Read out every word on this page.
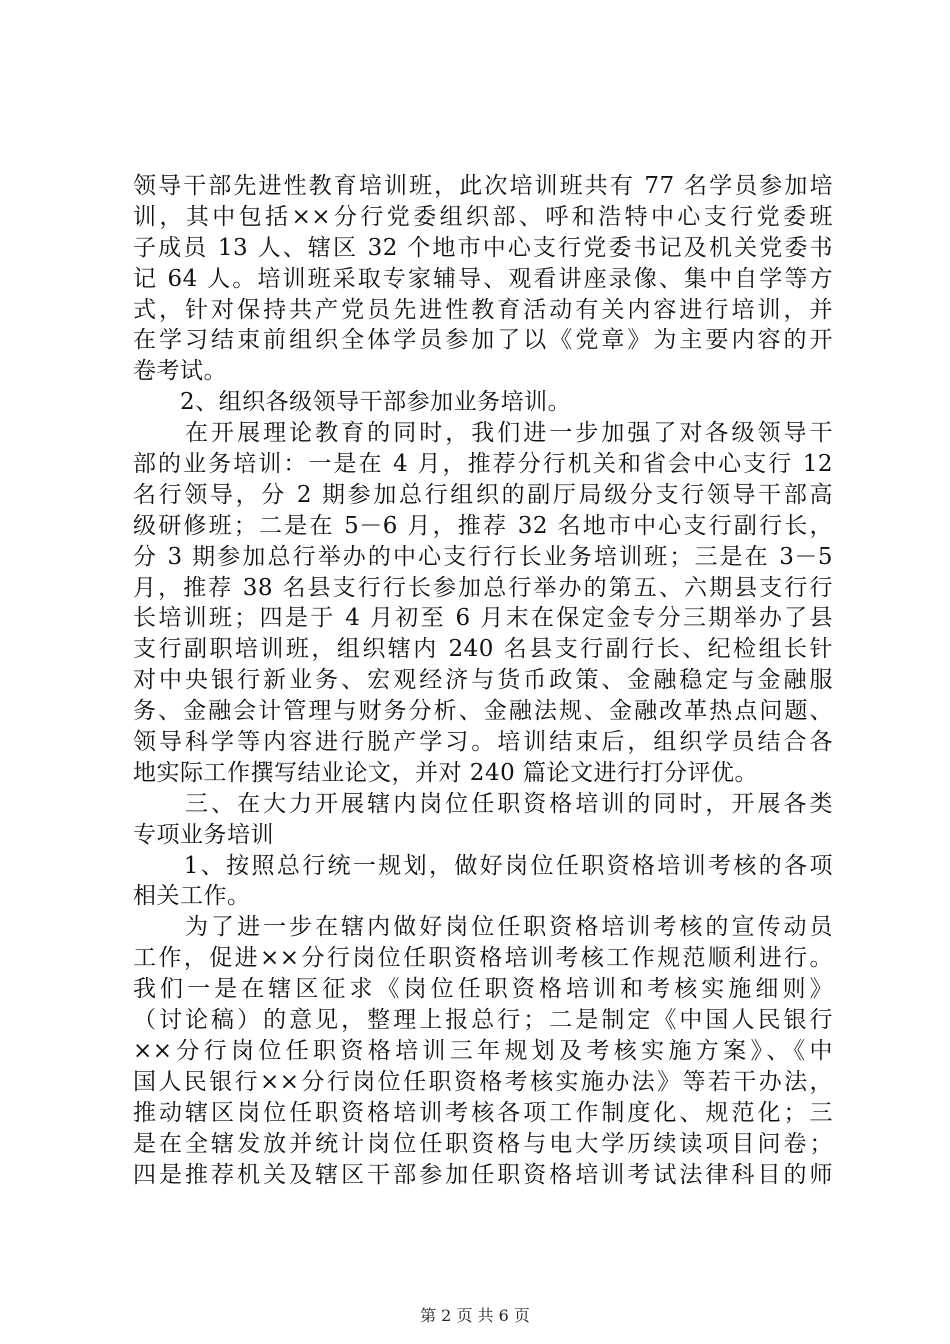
领导干部先进性教育培训班，此次培训班共有 77 名学员参加培
训，其中包括××分行党委组织部、呼和浩特中心支行党委班
子成员 13 人、辖区 32 个地市中心支行党委书记及机关党委书
记 64 人。培训班采取专家辅导、观看讲座录像、集中自学等方
式，针对保持共产党员先进性教育活动有关内容进行培训，并
在学习结束前组织全体学员参加了以《党章》为主要内容的开
卷考试。
　　2、组织各级领导干部参加业务培训。
　　在开展理论教育的同时，我们进一步加强了对各级领导干
部的业务培训：一是在 4 月，推荐分行机关和省会中心支行 12
名行领导，分 2 期参加总行组织的副厅局级分支行领导干部高
级研修班；二是在 5－6 月，推荐 32 名地市中心支行副行长，
分 3 期参加总行举办的中心支行行长业务培训班；三是在 3－5
月，推荐 38 名县支行行长参加总行举办的第五、六期县支行行
长培训班；四是于 4 月初至 6 月末在保定金专分三期举办了县
支行副职培训班，组织辖内 240 名县支行副行长、纪检组长针
对中央银行新业务、宏观经济与货币政策、金融稳定与金融服
务、金融会计管理与财务分析、金融法规、金融改革热点问题、
领导科学等内容进行脱产学习。培训结束后，组织学员结合各
地实际工作撰写结业论文，并对 240 篇论文进行打分评优。
　　三、在大力开展辖内岗位任职资格培训的同时，开展各类
专项业务培训
　　1、按照总行统一规划，做好岗位任职资格培训考核的各项
相关工作。
　　为了进一步在辖内做好岗位任职资格培训考核的宣传动员
工作，促进××分行岗位任职资格培训考核工作规范顺利进行。
我们一是在辖区征求《岗位任职资格培训和考核实施细则》
（讨论稿）的意见，整理上报总行；二是制定《中国人民银行
××分行岗位任职资格培训三年规划及考核实施方案》、《中
国人民银行××分行岗位任职资格考核实施办法》等若干办法，
推动辖区岗位任职资格培训考核各项工作制度化、规范化；三
是在全辖发放并统计岗位任职资格与电大学历续读项目问卷；
四是推荐机关及辖区干部参加任职资格培训考试法律科目的师
第 2 页 共 6 页
